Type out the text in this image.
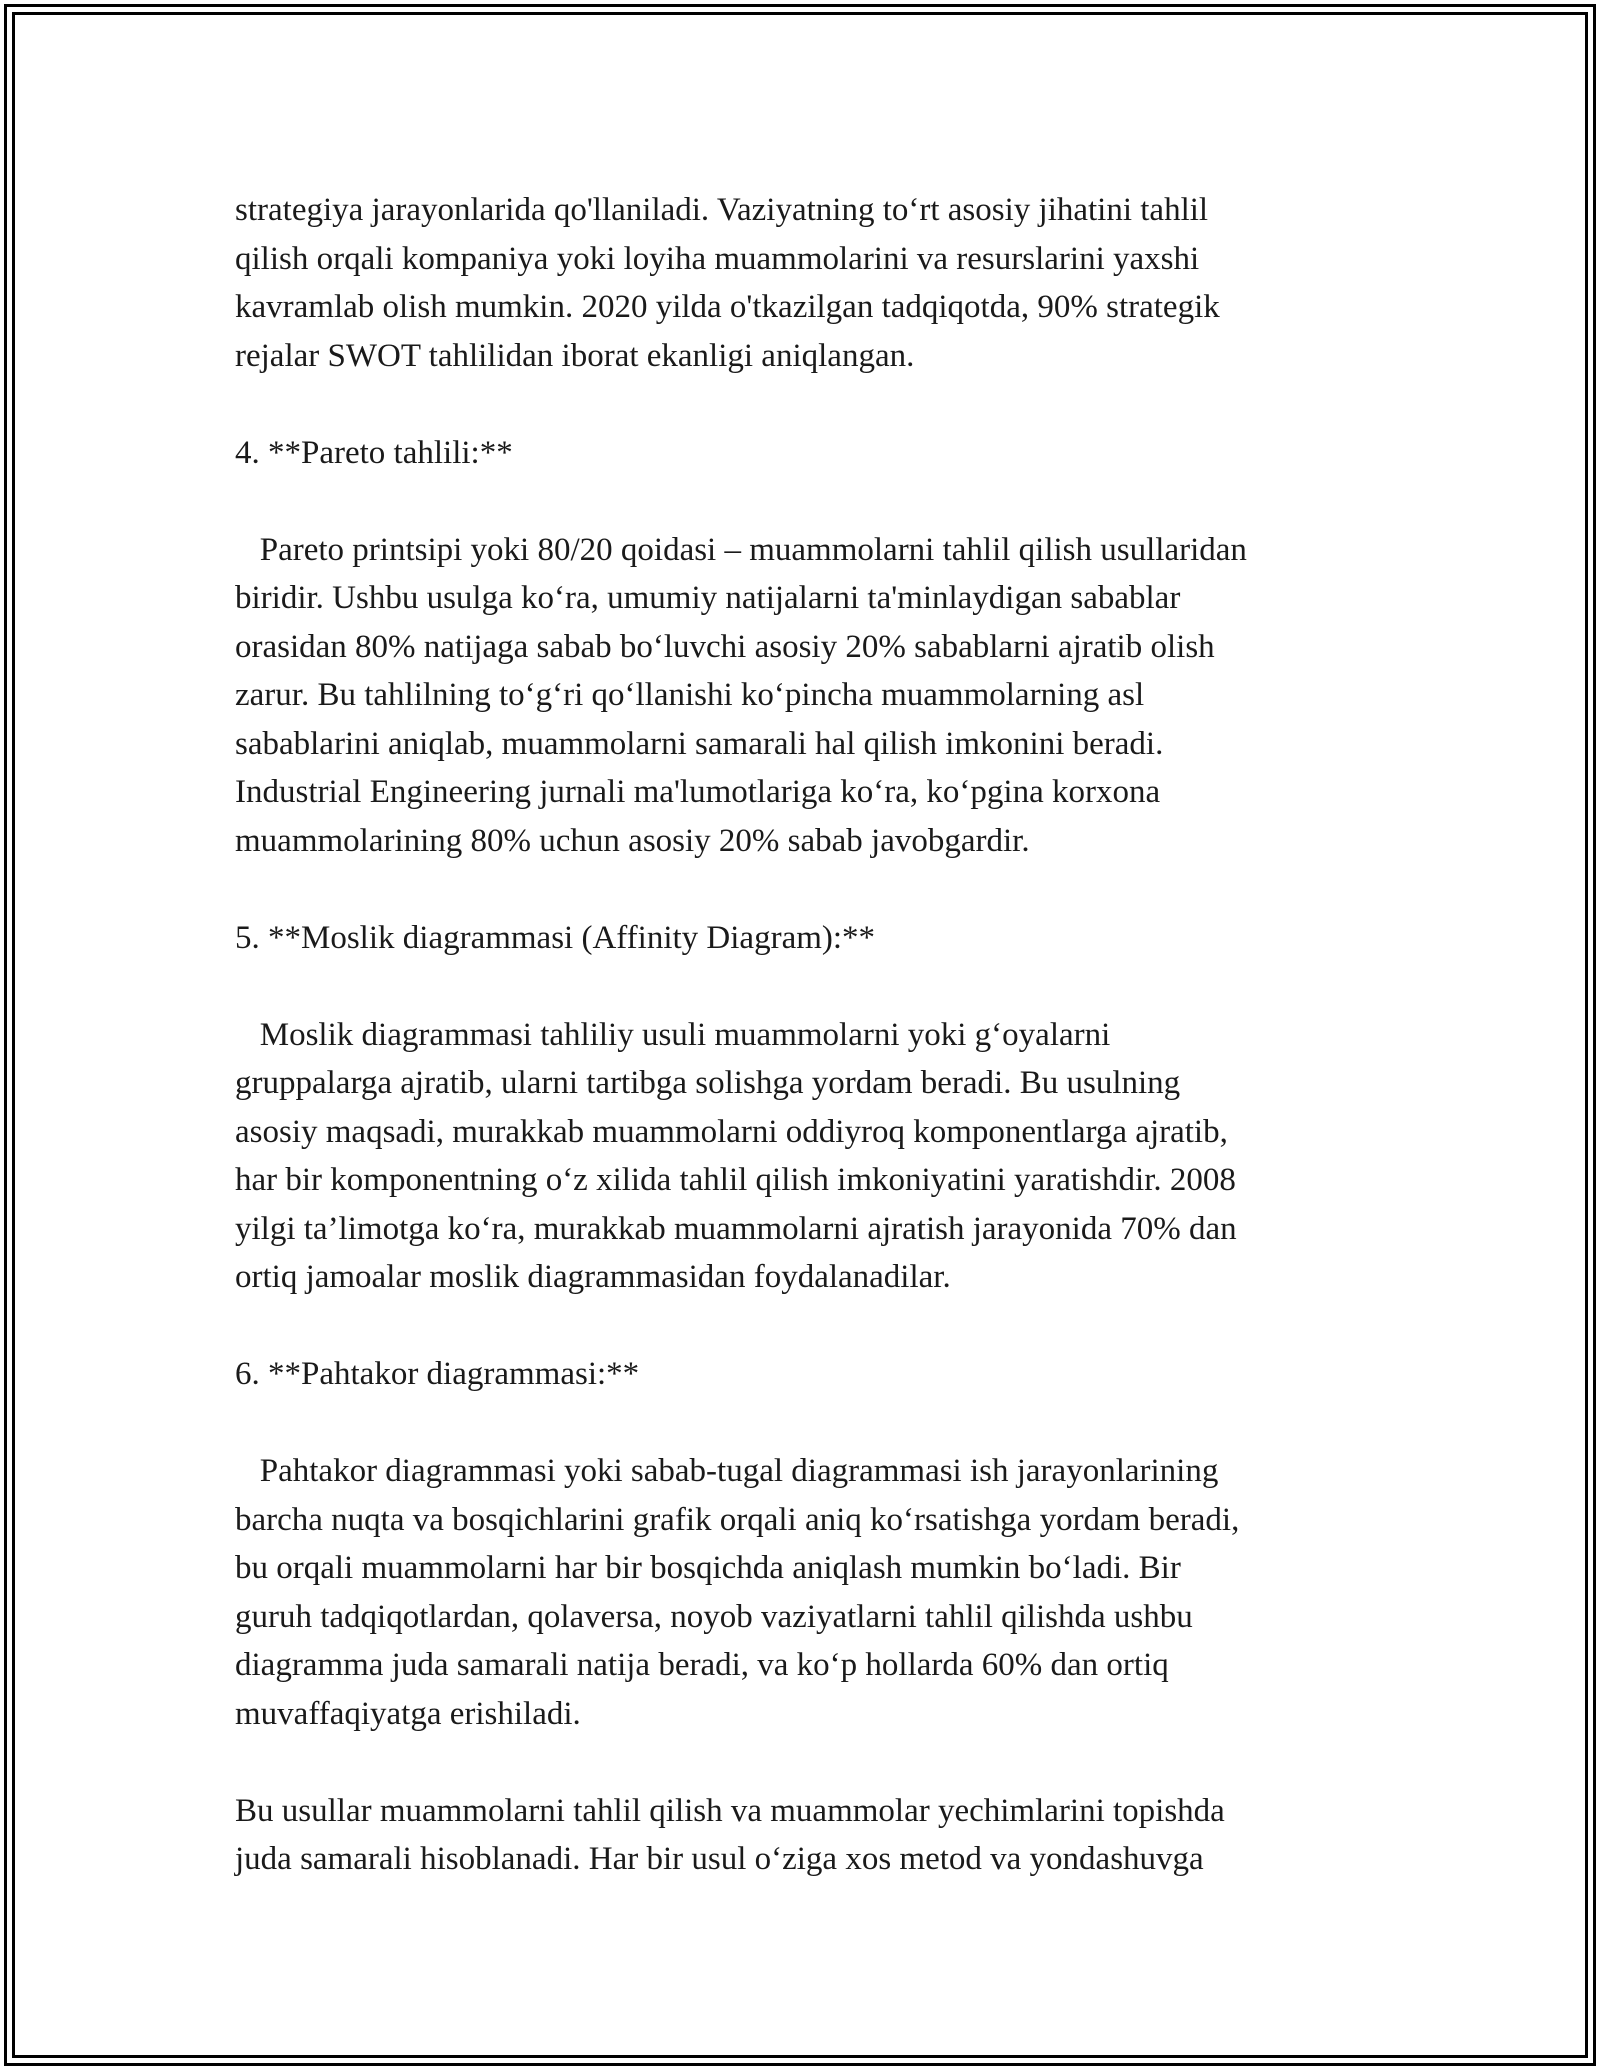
strategiya jarayonlarida qo'llaniladi. Vaziyatning to‘rt asosiy jihatini tahlil
qilish orqali kompaniya yoki loyiha muammolarini va resurslarini yaxshi
kavramlab olish mumkin. 2020 yilda o'tkazilgan tadqiqotda, 90% strategik
rejalar SWOT tahlilidan iborat ekanligi aniqlangan.
4. **Pareto tahlili:**
Pareto printsipi yoki 80/20 qoidasi – muammolarni tahlil qilish usullaridan
biridir. Ushbu usulga ko‘ra, umumiy natijalarni ta'minlaydigan sabablar
orasidan 80% natijaga sabab bo‘luvchi asosiy 20% sabablarni ajratib olish
zarur. Bu tahlilning to‘g‘ri qo‘llanishi ko‘pincha muammolarning asl
sabablarini aniqlab, muammolarni samarali hal qilish imkonini beradi.
Industrial Engineering jurnali ma'lumotlariga ko‘ra, ko‘pgina korxona
muammolarining 80% uchun asosiy 20% sabab javobgardir.
5. **Moslik diagrammasi (Affinity Diagram):**
Moslik diagrammasi tahliliy usuli muammolarni yoki g‘oyalarni
gruppalarga ajratib, ularni tartibga solishga yordam beradi. Bu usulning
asosiy maqsadi, murakkab muammolarni oddiyroq komponentlarga ajratib,
har bir komponentning o‘z xilida tahlil qilish imkoniyatini yaratishdir. 2008
yilgi ta’limotga ko‘ra, murakkab muammolarni ajratish jarayonida 70% dan
ortiq jamoalar moslik diagrammasidan foydalanadilar.
6. **Pahtakor diagrammasi:**
Pahtakor diagrammasi yoki sabab-tugal diagrammasi ish jarayonlarining
barcha nuqta va bosqichlarini grafik orqali aniq ko‘rsatishga yordam beradi,
bu orqali muammolarni har bir bosqichda aniqlash mumkin bo‘ladi. Bir
guruh tadqiqotlardan, qolaversa, noyob vaziyatlarni tahlil qilishda ushbu
diagramma juda samarali natija beradi, va ko‘p hollarda 60% dan ortiq
muvaffaqiyatga erishiladi.
Bu usullar muammolarni tahlil qilish va muammolar yechimlarini topishda
juda samarali hisoblanadi. Har bir usul o‘ziga xos metod va yondashuvga
